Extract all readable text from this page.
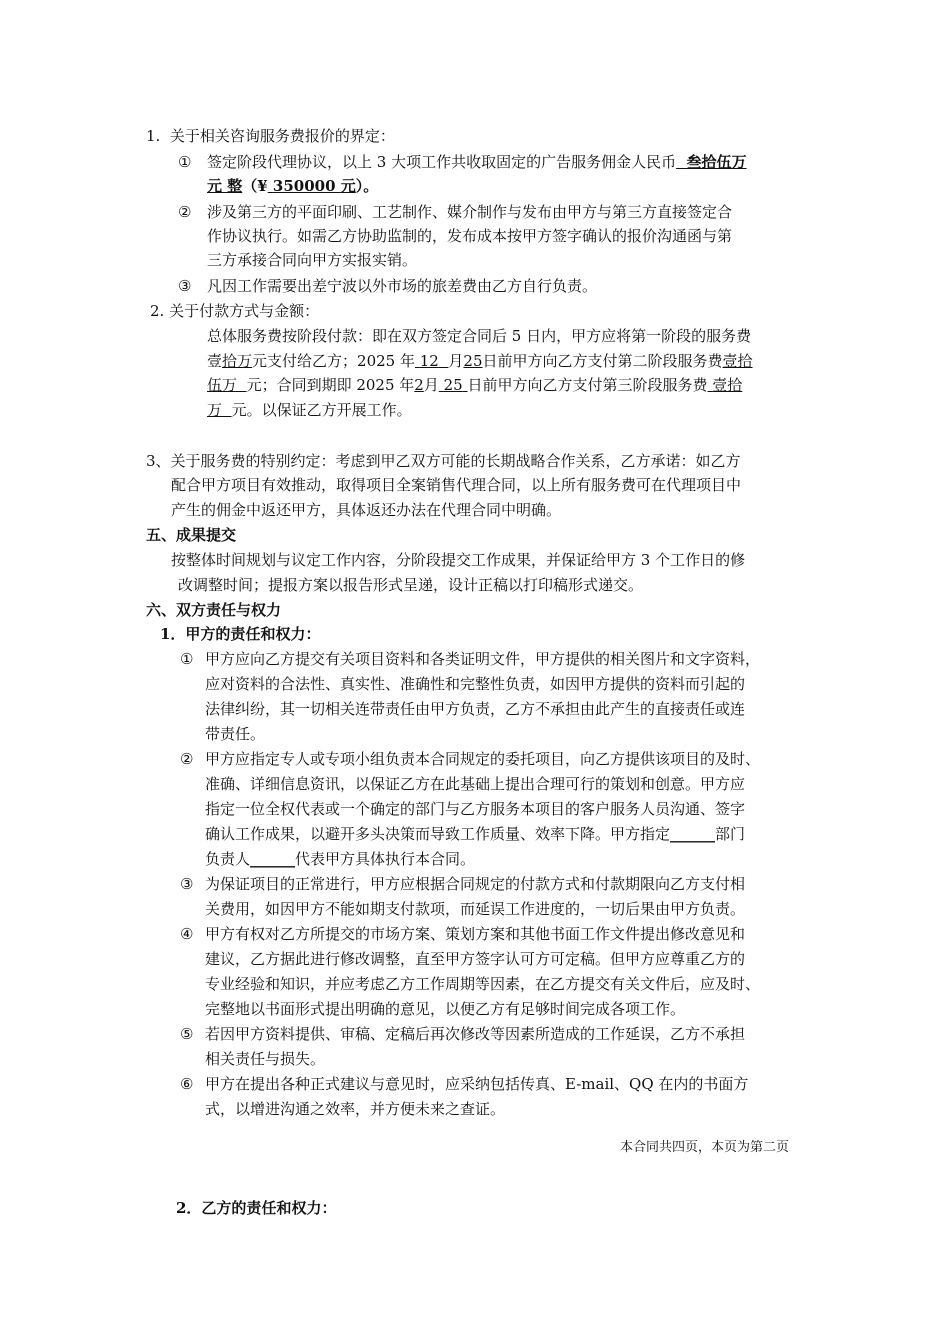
1. 关于相关咨询服务费报价的界定：
① 签定阶段代理协议，以上 3 大项工作共收取固定的广告服务佣金人民币 叁拾伍万
元 整（¥ 350000 元）。
② 涉及第三方的平面印刷、工艺制作、媒介制作与发布由甲方与第三方直接签定合
作协议执行。如需乙方协助监制的，发布成本按甲方签字确认的报价沟通函与第
三方承接合同向甲方实报实销。
③ 凡因工作需要出差宁波以外市场的旅差费由乙方自行负责。
2. 关于付款方式与金额：
总体服务费按阶段付款：即在双方签定合同后 5 日内，甲方应将第一阶段的服务费
壹拾万元支付给乙方；2025 年 12 月25日前甲方向乙方支付第二阶段服务费壹拾
伍万 元；合同到期即 2025 年2月 25 日前甲方向乙方支付第三阶段服务费 壹拾
万 元。以保证乙方开展工作。
3、关于服务费的特别约定：考虑到甲乙双方可能的长期战略合作关系，乙方承诺：如乙方
配合甲方项目有效推动，取得项目全案销售代理合同，以上所有服务费可在代理项目中
产生的佣金中返还甲方，具体返还办法在代理合同中明确。
五、成果提交
按整体时间规划与议定工作内容，分阶段提交工作成果，并保证给甲方 3 个工作日的修
改调整时间；提报方案以报告形式呈递，设计正稿以打印稿形式递交。
六、双方责任与权力
1．甲方的责任和权力：
① 甲方应向乙方提交有关项目资料和各类证明文件，甲方提供的相关图片和文字资料，
应对资料的合法性、真实性、准确性和完整性负责，如因甲方提供的资料而引起的
法律纠纷，其一切相关连带责任由甲方负责，乙方不承担由此产生的直接责任或连
带责任。
② 甲方应指定专人或专项小组负责本合同规定的委托项目，向乙方提供该项目的及时、
准确、详细信息资讯，以保证乙方在此基础上提出合理可行的策划和创意。甲方应
指定一位全权代表或一个确定的部门与乙方服务本项目的客户服务人员沟通、签字
确认工作成果，以避开多头决策而导致工作质量、效率下降。甲方指定______部门
负责人______代表甲方具体执行本合同。
③ 为保证项目的正常进行，甲方应根据合同规定的付款方式和付款期限向乙方支付相
关费用，如因甲方不能如期支付款项，而延误工作进度的，一切后果由甲方负责。
④ 甲方有权对乙方所提交的市场方案、策划方案和其他书面工作文件提出修改意见和
建议，乙方据此进行修改调整，直至甲方签字认可方可定稿。但甲方应尊重乙方的
专业经验和知识，并应考虑乙方工作周期等因素，在乙方提交有关文件后，应及时、
完整地以书面形式提出明确的意见，以便乙方有足够时间完成各项工作。
⑤ 若因甲方资料提供、审稿、定稿后再次修改等因素所造成的工作延误，乙方不承担
相关责任与损失。
⑥ 甲方在提出各种正式建议与意见时，应采纳包括传真、E-mail、QQ 在内的书面方
式，以增进沟通之效率，并方便未来之查证。
本合同共四页，本页为第二页
2．乙方的责任和权力：
